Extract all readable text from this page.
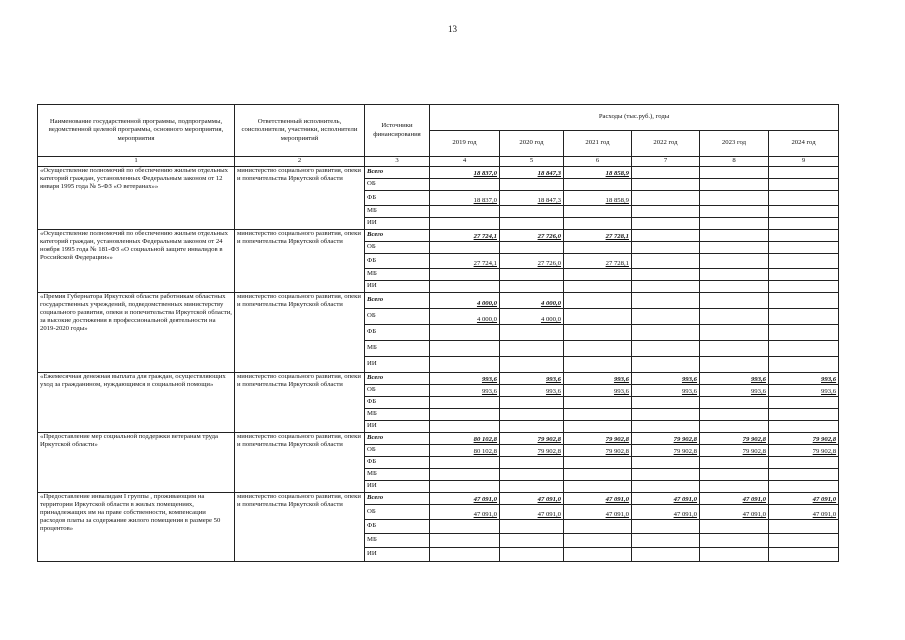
13
Наименование государственной программы, подпрограммы, ведомственной целевой программы, основного мероприятия, мероприятия	Ответственный исполнитель, соисполнители, участники, исполнители мероприятий	Источники финансирования	Расходы (тыс.руб.), годы					
			2019 год	2020 год	2021 год	2022 год	2023 год	2024 год
1	2	3	4	5	6	7	8	9
«Осуществление полномочий по обеспечению жильем отдельных категорий граждан, установленных Федеральным законом от 12 января 1995 года № 5-ФЗ «О ветеранах»»	министерство социального развития, опеки и попечительства Иркутской области	Всего	18 837,0	18 847,3	18 858,9			
		ОБ						
		ФБ	18 837,0	18 847,3	18 858,9			
		МБ						
		ИИ						
«Осуществление полномочий по обеспечению жильем отдельных категорий граждан, установленных Федеральным законом от 24 ноября 1995 года № 181-ФЗ «О социальной защите инвалидов в Российской Федерации»»	министерство социального развития, опеки и попечительства Иркутской области	Всего	27 724,1	27 726,0	27 728,1			
		ОБ						
		ФБ	27 724,1	27 726,0	27 728,1			
		МБ						
		ИИ						
«Премия Губернатора Иркутской области работникам областных государственных учреждений, подведомственных министерству социального развития, опеки и попечительства Иркутской области, за высокие достижения в профессиональной деятельности на 2019-2020 годы»	министерство социального развития, опеки и попечительства Иркутской области	Всего	4 000,0	4 000,0				
		ОБ	4 000,0	4 000,0				
		ФБ						
		МБ						
		ИИ						
«Ежемесячная денежная выплата для граждан, осуществляющих уход за гражданином, нуждающимся в социальной помощи»	министерство социального развития, опеки и попечительства Иркутской области	Всего	993,6	993,6	993,6	993,6	993,6	993,6
		ОБ	993,6	993,6	993,6	993,6	993,6	993,6
		ФБ						
		МБ						
		ИИ						
«Предоставление мер социальной поддержки ветеранам труда Иркутской области»	министерство социального развития, опеки и попечительства Иркутской области	Всего	80 102,8	79 902,8	79 902,8	79 902,8	79 902,8	79 902,8
		ОБ	80 102,8	79 902,8	79 902,8	79 902,8	79 902,8	79 902,8
		ФБ						
		МБ						
		ИИ						
«Предоставление инвалидам I группы , проживающим на территории Иркутской области в жилых помещениях, принадлежащих им на праве собственности, компенсации расходов платы за содержание жилого помещения в размере 50 процентов»	министерство социального развития, опеки и попечительства Иркутской области	Всего	47 091,0	47 091,0	47 091,0	47 091,0	47 091,0	47 091,0
		ОБ	47 091,0	47 091,0	47 091,0	47 091,0	47 091,0	47 091,0
		ФБ						
		МБ						
		ИИ						
